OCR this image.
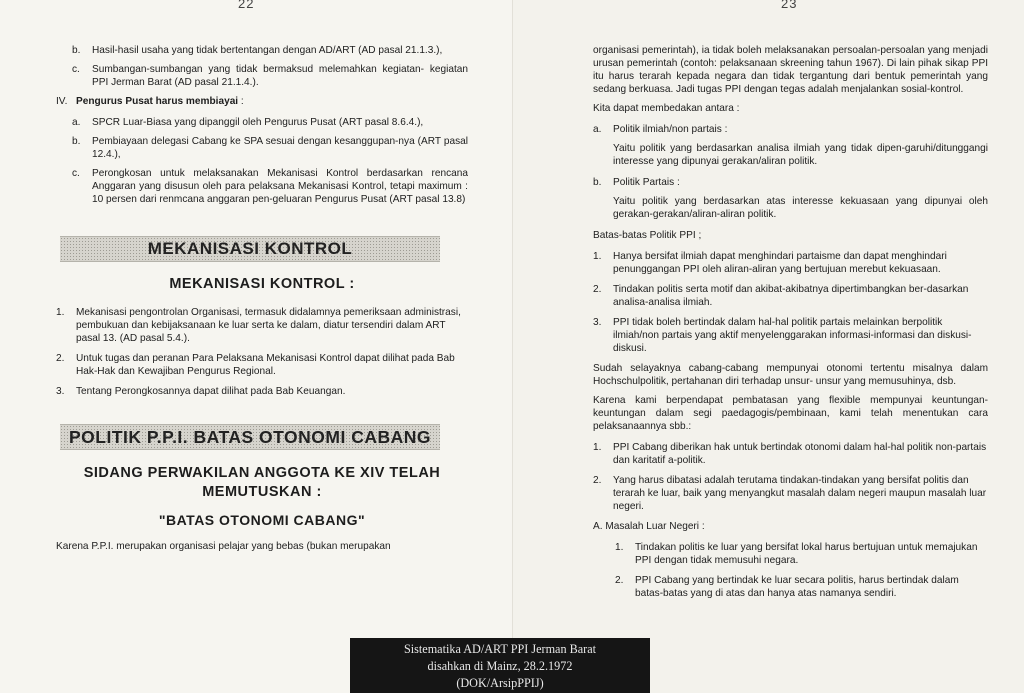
22
b.	Hasil-hasil usaha yang tidak bertentangan dengan AD/ART (AD pasal 21.1.3.),
c.	Sumbangan-sumbangan yang tidak bermaksud melemahkan kegiatan- kegiatan PPI Jerman Barat (AD pasal 21.1.4.).
IV. Pengurus Pusat harus membiayai :
a.	SPCR Luar-Biasa yang dipanggil oleh Pengurus Pusat (ART pasal 8.6.4.),
b.	Pembiayaan delegasi Cabang ke SPA sesuai dengan kesanggupan-nya (ART pasal 12.4.),
c.	Perongkosan untuk melaksanakan Mekanisasi Kontrol berdasarkan rencana Anggaran yang disusun oleh para pelaksana Mekanisasi Kontrol, tetapi maximum : 10 persen dari renmcana anggaran pen-geluaran Pengurus Pusat (ART pasal 13.8)
MEKANISASI KONTROL
MEKANISASI KONTROL :
1.	Mekanisasi pengontrolan Organisasi, termasuk didalamnya pemeriksaan administrasi, pembukuan dan kebijaksanaan ke luar serta ke dalam, diatur tersendiri dalam ART pasal 13. (AD pasal 5.4.).
2.	Untuk tugas dan peranan Para Pelaksana Mekanisasi Kontrol dapat dilihat pada Bab Hak-Hak dan Kewajiban Pengurus Regional.
3.	Tentang Perongkosannya dapat dilihat pada Bab Keuangan.
POLITIK P.P.I. BATAS OTONOMI CABANG
SIDANG PERWAKILAN ANGGOTA KE XIV TELAH MEMUTUSKAN :
"BATAS OTONOMI CABANG"
Karena P.P.I. merupakan organisasi pelajar yang bebas (bukan merupakan
23
organisasi pemerintah), ia tidak boleh melaksanakan persoalan-persoalan yang menjadi urusan pemerintah (contoh: pelaksanaan skreening tahun 1967). Di lain pihak sikap PPI itu harus terarah kepada negara dan tidak tergantung dari bentuk pemerintah yang sedang berkuasa. Jadi tugas PPI dengan tegas adalah menjalankan sosial-kontrol.
Kita dapat membedakan antara :
a.	Politik ilmiah/non partais :
Yaitu politik yang berdasarkan analisa ilmiah yang tidak dipen-garuhi/ditunggangi interesse yang dipunyai gerakan/aliran politik.
b.	Politik Partais :
Yaitu politik yang berdasarkan atas interesse kekuasaan yang dipunyai oleh gerakan-gerakan/aliran-aliran politik.
Batas-batas Politik PPI ;
1.	Hanya bersifat ilmiah dapat menghindari partaisme dan dapat menghindari penunggangan PPI oleh aliran-aliran yang bertujuan merebut kekuasaan.
2.	Tindakan politis serta motif dan akibat-akibatnya dipertimbangkan ber-dasarkan analisa-analisa ilmiah.
3.	PPI tidak boleh bertindak dalam hal-hal politik partais melainkan berpolitik ilmiah/non partais yang aktif menyelenggarakan informasi-informasi dan diskusi-diskusi.
Sudah selayaknya cabang-cabang mempunyai otonomi tertentu misalnya dalam Hochschulpolitik, pertahanan diri terhadap unsur- unsur yang memusuhinya, dsb.
Karena kami berpendapat pembatasan yang flexible mempunyai keuntungan-keuntungan dalam segi paedagogis/pembinaan, kami telah menentukan cara pelaksanaannya sbb.:
1.	PPI Cabang diberikan hak untuk bertindak otonomi dalam hal-hal politik non-partais dan karitatif a-politik.
2.	Yang harus dibatasi adalah terutama tindakan-tindakan yang bersifat politis dan terarah ke luar, baik yang menyangkut masalah dalam negeri maupun masalah luar negeri.
A. Masalah Luar Negeri :
1.	Tindakan politis ke luar yang bersifat lokal harus bertujuan untuk memajukan PPI dengan tidak memusuhi negara.
2.	PPI Cabang yang bertindak ke luar secara politis, harus bertindak dalam batas-batas yang di atas dan hanya atas namanya sendiri.
Sistematika AD/ART PPI Jerman Barat
disahkan di Mainz, 28.2.1972
(DOK/ArsipPPIJ)
